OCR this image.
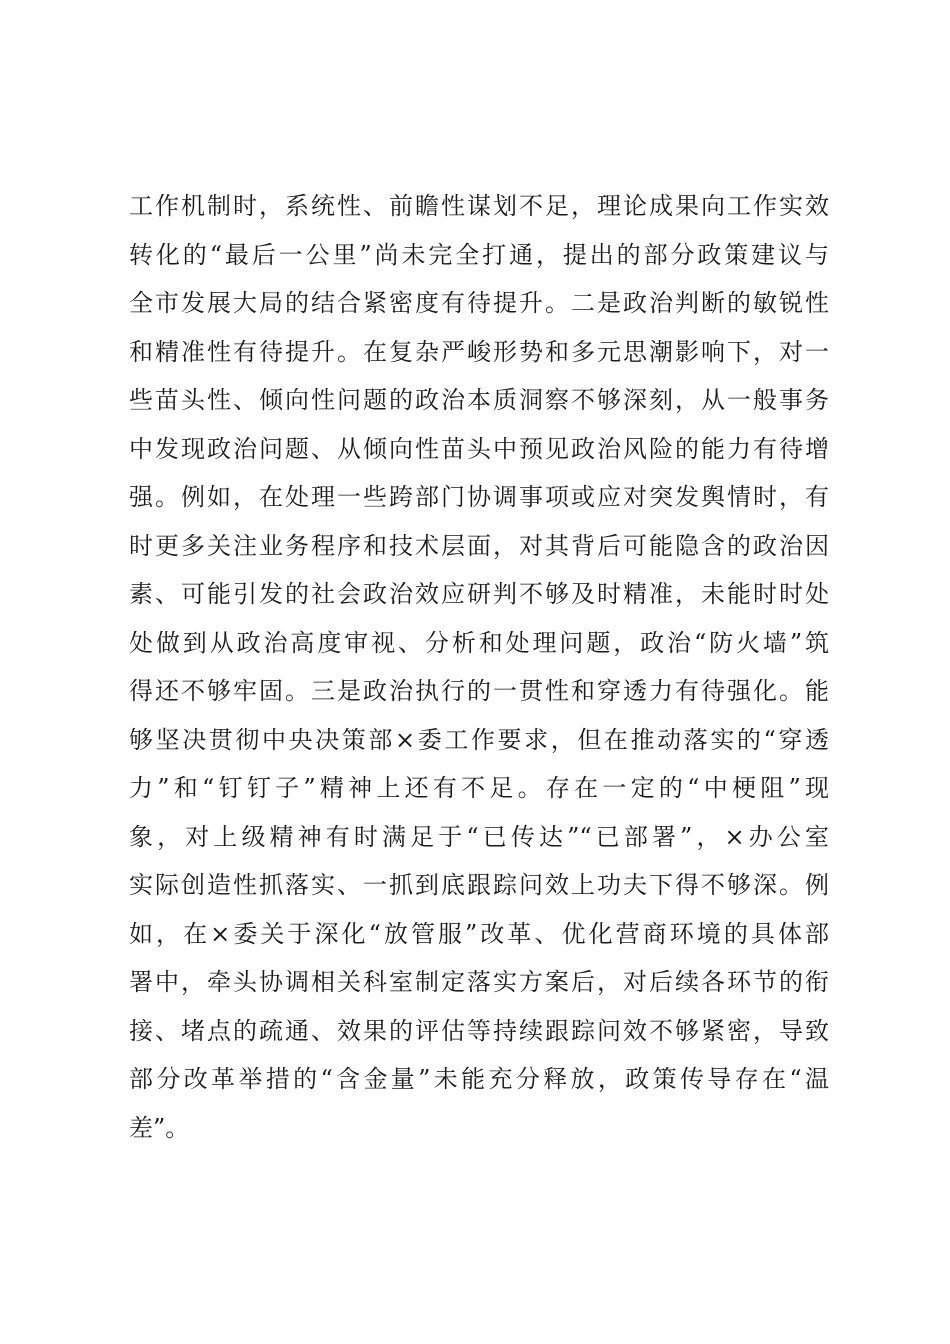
工作机制时，系统性、前瞻性谋划不足，理论成果向工作实效
转化的“最后一公里”尚未完全打通，提出的部分政策建议与
全市发展大局的结合紧密度有待提升。二是政治判断的敏锐性
和精准性有待提升。在复杂严峻形势和多元思潮影响下，对一
些苗头性、倾向性问题的政治本质洞察不够深刻，从一般事务
中发现政治问题、从倾向性苗头中预见政治风险的能力有待增
强。例如，在处理一些跨部门协调事项或应对突发舆情时，有
时更多关注业务程序和技术层面，对其背后可能隐含的政治因
素、可能引发的社会政治效应研判不够及时精准，未能时时处
处做到从政治高度审视、分析和处理问题，政治“防火墙”筑
得还不够牢固。三是政治执行的一贯性和穿透力有待强化。能
够坚决贯彻中央决策部×委工作要求，但在推动落实的“穿透
力”和“钉钉子”精神上还有不足。存在一定的“中梗阻”现
象，对上级精神有时满足于“已传达”“已部署”，×办公室
实际创造性抓落实、一抓到底跟踪问效上功夫下得不够深。例
如，在×委关于深化“放管服”改革、优化营商环境的具体部
署中，牵头协调相关科室制定落实方案后，对后续各环节的衔
接、堵点的疏通、效果的评估等持续跟踪问效不够紧密，导致
部分改革举措的“含金量”未能充分释放，政策传导存在“温
差”。
